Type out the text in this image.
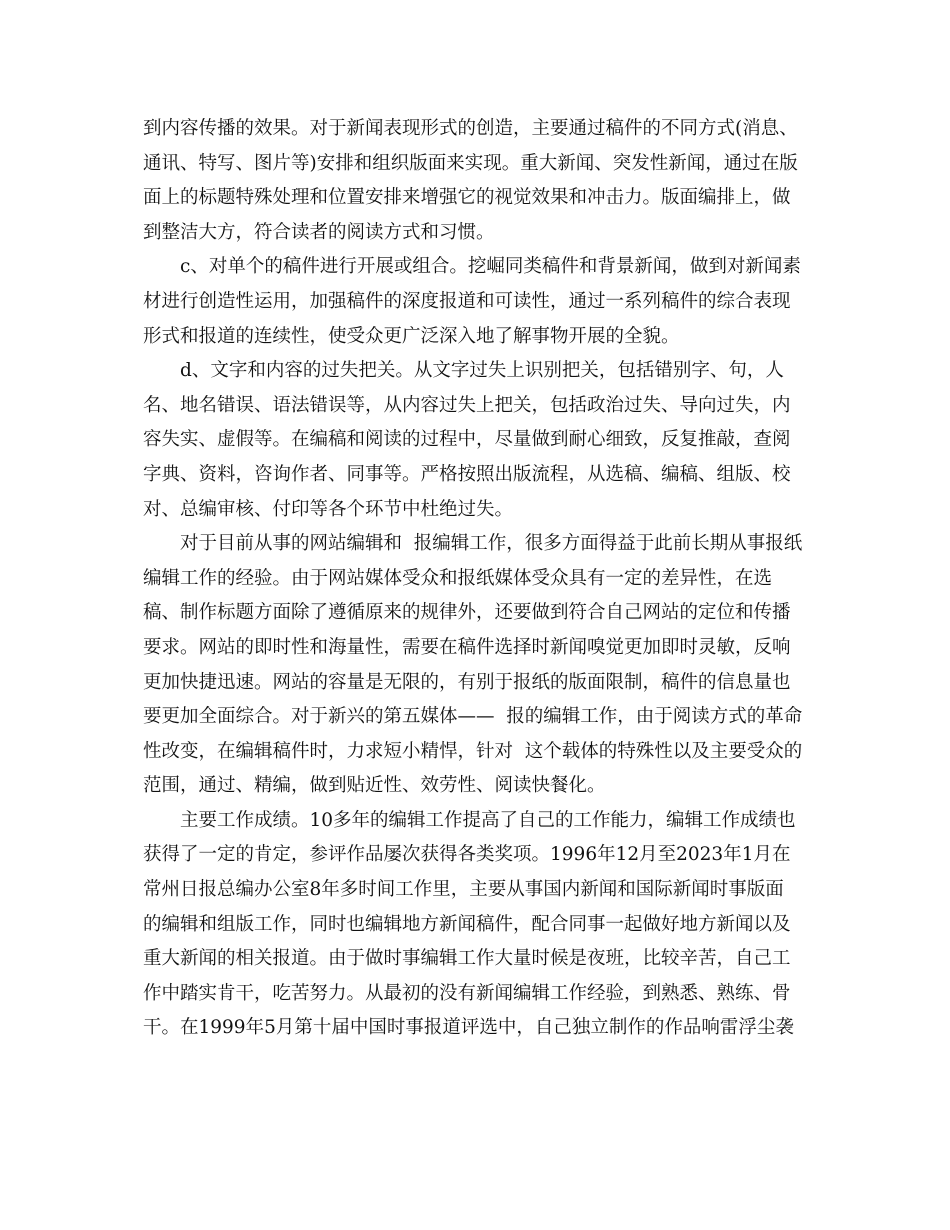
到内容传播的效果。对于新闻表现形式的创造，主要通过稿件的不同方式(消息、
通讯、特写、图片等)安排和组织版面来实现。重大新闻、突发性新闻，通过在版
面上的标题特殊处理和位置安排来增强它的视觉效果和冲击力。版面编排上，做
到整洁大方，符合读者的阅读方式和习惯。
c、对单个的稿件进行开展或组合。挖崛同类稿件和背景新闻，做到对新闻素
材进行创造性运用，加强稿件的深度报道和可读性，通过一系列稿件的综合表现
形式和报道的连续性，使受众更广泛深入地了解事物开展的全貌。
d、文字和内容的过失把关。从文字过失上识别把关，包括错别字、句，人
名、地名错误、语法错误等，从内容过失上把关，包括政治过失、导向过失，内
容失实、虚假等。在编稿和阅读的过程中，尽量做到耐心细致，反复推敲，查阅
字典、资料，咨询作者、同事等。严格按照出版流程，从选稿、编稿、组版、校
对、总编审核、付印等各个环节中杜绝过失。
对于目前从事的网站编辑和  报编辑工作，很多方面得益于此前长期从事报纸
编辑工作的经验。由于网站媒体受众和报纸媒体受众具有一定的差异性，在选
稿、制作标题方面除了遵循原来的规律外，还要做到符合自己网站的定位和传播
要求。网站的即时性和海量性，需要在稿件选择时新闻嗅觉更加即时灵敏，反响
更加快捷迅速。网站的容量是无限的，有别于报纸的版面限制，稿件的信息量也
要更加全面综合。对于新兴的第五媒体——  报的编辑工作，由于阅读方式的革命
性改变，在编辑稿件时，力求短小精悍，针对  这个载体的特殊性以及主要受众的
范围，通过、精编，做到贴近性、效劳性、阅读快餐化。
主要工作成绩。10多年的编辑工作提高了自己的工作能力，编辑工作成绩也
获得了一定的肯定，参评作品屡次获得各类奖项。1996年12月至2023年1月在
常州日报总编办公室8年多时间工作里，主要从事国内新闻和国际新闻时事版面
的编辑和组版工作，同时也编辑地方新闻稿件，配合同事一起做好地方新闻以及
重大新闻的相关报道。由于做时事编辑工作大量时候是夜班，比较辛苦，自己工
作中踏实肯干，吃苦努力。从最初的没有新闻编辑工作经验，到熟悉、熟练、骨
干。在1999年5月第十届中国时事报道评选中，自己独立制作的作品响雷浮尘袭
